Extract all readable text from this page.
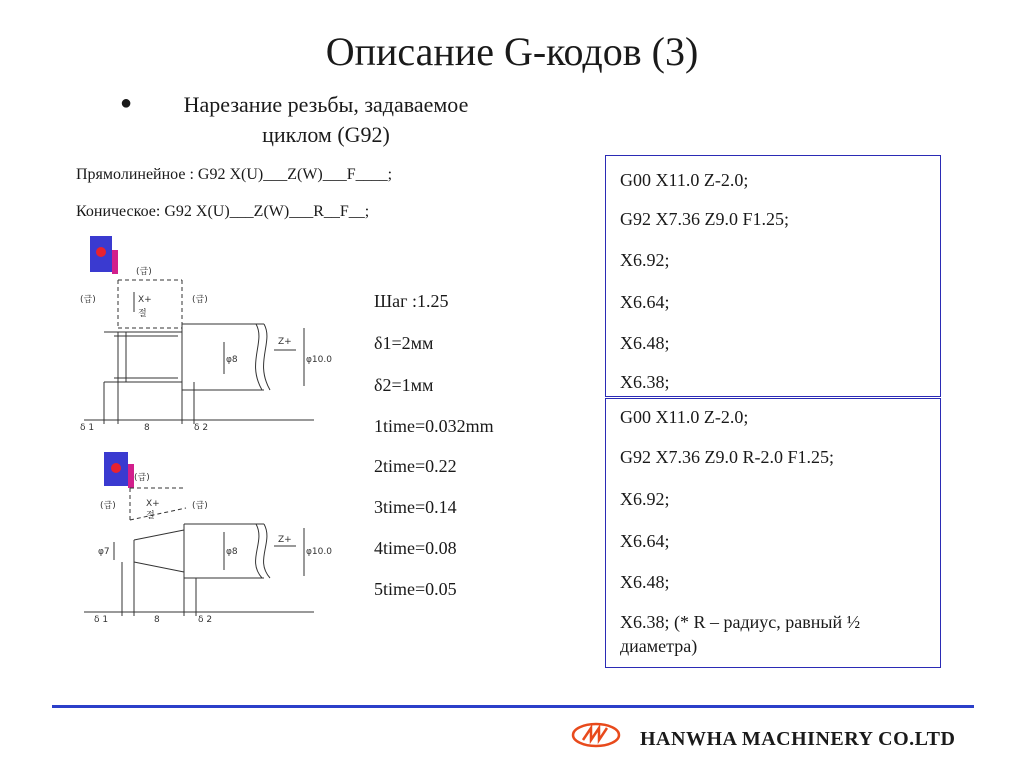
Описание G-кодов (3)
●	Нарезание резьбы, задаваемое
циклом (G92)
Прямолинейное : G92 X(U)___Z(W)___F____;
Коническое: G92 X(U)___Z(W)___R__F__;
(급)
(급)	(급)
X+
절
Z+
φ8	φ10.0
δ 1	8	δ 2
(급)
(급)	(급)
X+
절
Z+
φ7	φ8	φ10.0
δ 1	8	δ 2
Шаг :1.25
δ1=2мм
δ2=1мм
1time=0.032mm
2time=0.22
3time=0.14
4time=0.08
5time=0.05
G00 X11.0 Z-2.0;
G92 X7.36 Z9.0 F1.25;
X6.92;
X6.64;
X6.48;
X6.38;
G00 X11.0 Z-2.0;
G92 X7.36 Z9.0 R-2.0 F1.25;
X6.92;
X6.64;
X6.48;
X6.38; (* R – радиус, равный ½ диаметра)
HANWHA MACHINERY CO.LTD
